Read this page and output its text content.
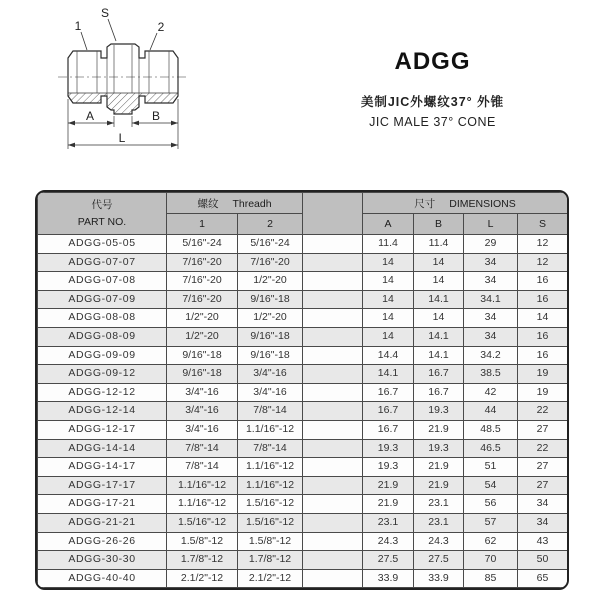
S
1	2
A	B
L
ADGG
美制JIC外螺纹37° 外锥
JIC MALE 37° CONE
代号
PART NO.	螺纹 Threadh			尺寸 DIMENSIONS			
	1	2		A	B	L	S
ADGG-05-05	5/16"-24	5/16"-24		11.4	11.4	29	12
ADGG-07-07	7/16"-20	7/16"-20		14	14	34	12
ADGG-07-08	7/16"-20	1/2"-20		14	14	34	16
ADGG-07-09	7/16"-20	9/16"-18		14	14.1	34.1	16
ADGG-08-08	1/2"-20	1/2"-20		14	14	34	14
ADGG-08-09	1/2"-20	9/16"-18		14	14.1	34	16
ADGG-09-09	9/16"-18	9/16"-18		14.4	14.1	34.2	16
ADGG-09-12	9/16"-18	3/4"-16		14.1	16.7	38.5	19
ADGG-12-12	3/4"-16	3/4"-16		16.7	16.7	42	19
ADGG-12-14	3/4"-16	7/8"-14		16.7	19.3	44	22
ADGG-12-17	3/4"-16	1.1/16"-12		16.7	21.9	48.5	27
ADGG-14-14	7/8"-14	7/8"-14		19.3	19.3	46.5	22
ADGG-14-17	7/8"-14	1.1/16"-12		19.3	21.9	51	27
ADGG-17-17	1.1/16"-12	1.1/16"-12		21.9	21.9	54	27
ADGG-17-21	1.1/16"-12	1.5/16"-12		21.9	23.1	56	34
ADGG-21-21	1.5/16"-12	1.5/16"-12		23.1	23.1	57	34
ADGG-26-26	1.5/8"-12	1.5/8"-12		24.3	24.3	62	43
ADGG-30-30	1.7/8"-12	1.7/8"-12		27.5	27.5	70	50
ADGG-40-40	2.1/2"-12	2.1/2"-12		33.9	33.9	85	65
